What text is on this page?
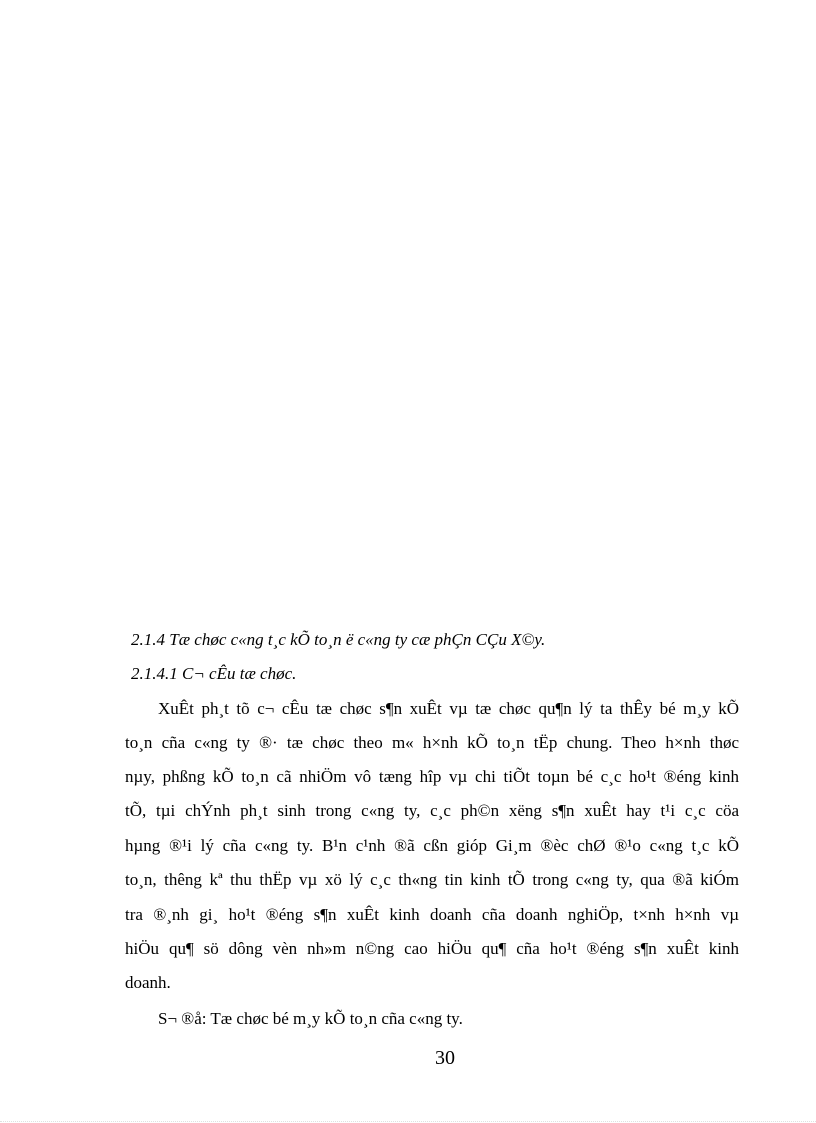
2.1.4 Tæ chøc c«ng t¸c kÕ to¸n ë c«ng ty cæ phÇn CÇu X©y.
2.1.4.1 C¬ cÊu tæ chøc.
XuÊt ph¸t tõ c¬ cÊu tæ chøc s¶n xuÊt vµ tæ chøc qu¶n lý ta thÊy bé m¸y kÕ
to¸n cña c«ng ty ®· tæ chøc theo m« h×nh kÕ to¸n tËp chung. Theo h×nh thøc
nµy, phßng kÕ to¸n cã nhiÖm vô tæng hîp vµ chi tiÕt toµn bé c¸c ho¹t ®éng kinh
tÕ, tµi chÝnh ph¸t sinh trong c«ng ty, c¸c ph©n xëng s¶n xuÊt hay t¹i c¸c cöa
hµng ®¹i lý cña c«ng ty. B¹n c¹nh ®ã cßn gióp Gi¸m ®èc chØ ®¹o c«ng t¸c kÕ
to¸n, thêng kª thu thËp vµ xö lý c¸c th«ng tin kinh tÕ trong c«ng ty, qua ®ã kiÓm
tra ®¸nh gi¸ ho¹t ®éng s¶n xuÊt kinh doanh cña doanh nghiÖp, t×nh h×nh vµ
hiÖu qu¶ sö dông vèn nh»m n©ng cao hiÖu qu¶ cña ho¹t ®éng s¶n xuÊt kinh
doanh.
S¬ ®å: Tæ chøc bé m¸y kÕ to¸n cña c«ng ty.
30
